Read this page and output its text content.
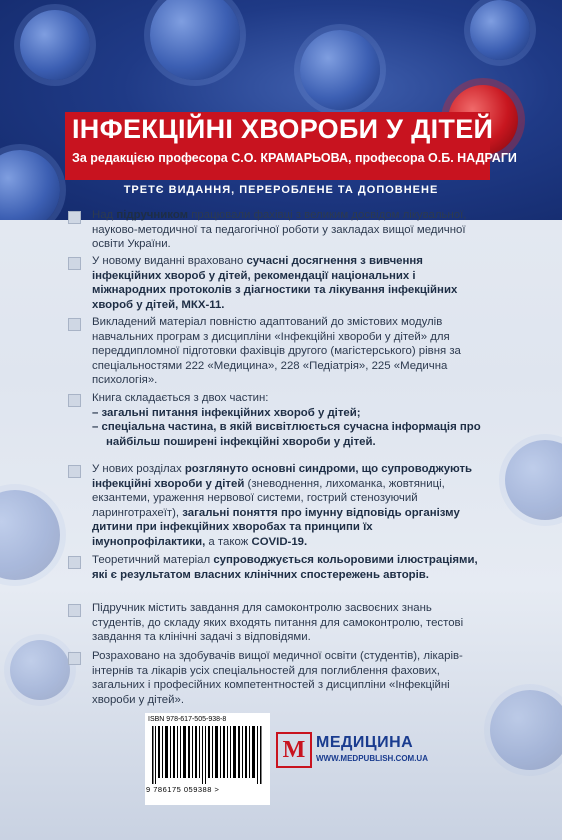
ІНФЕКЦІЙНІ ХВОРОБИ У ДІТЕЙ
За редакцією професора С.О. КРАМАРЬОВА, професора О.Б. НАДРАГИ
ТРЕТЄ ВИДАННЯ, ПЕРЕРОБЛЕНЕ ТА ДОПОВНЕНЕ
Над підручником працювали фахівці з великим досвідом лікувальної, науково-методичної та педагогічної роботи у закладах вищої медичної освіти України.
У новому виданні враховано сучасні досягнення з вивчення інфекційних хвороб у дітей, рекомендації національних і міжнародних протоколів з діагностики та лікування інфекційних хвороб у дітей, МКХ-11.
Викладений матеріал повністю адаптований до змістових модулів навчальних програм з дисципліни «Інфекційні хвороби у дітей» для переддипломної підготовки фахівців другого (магістерського) рівня за спеціальностями 222 «Медицина», 228 «Педіатрія», 225 «Медична психологія».
Книга складається з двох частин:
– загальні питання інфекційних хвороб у дітей;
– спеціальна частина, в якій висвітлюється сучасна інформація про найбільш поширені інфекційні хвороби у дітей.
У нових розділах розглянуто основні синдроми, що супроводжують інфекційні хвороби у дітей (зневоднення, лихоманка, жовтяниці, екзантеми, ураження нервової системи, гострий стенозуючий ларинготрахеїт), загальні поняття про імунну відповідь організму дитини при інфекційних хворобах та принципи їх імунопрофілактики, а також COVID-19.
Теоретичний матеріал супроводжується кольоровими ілюстраціями, які є результатом власних клінічних спостережень авторів.
Підручник містить завдання для самоконтролю засвоєних знань студентів, до складу яких входять питання для самоконтролю, тестові завдання та клінічні задачі з відповідями.
Розраховано на здобувачів вищої медичної освіти (студентів), лікарів-інтернів та лікарів усіх спеціальностей для поглиблення фахових, загальних і професійних компетентностей з дисципліни «Інфекційні хвороби у дітей».
ISBN 978-617-505-938-8
9 786175 059388 >
М МЕДИЦИНА
WWW.MEDPUBLISH.COM.UA
